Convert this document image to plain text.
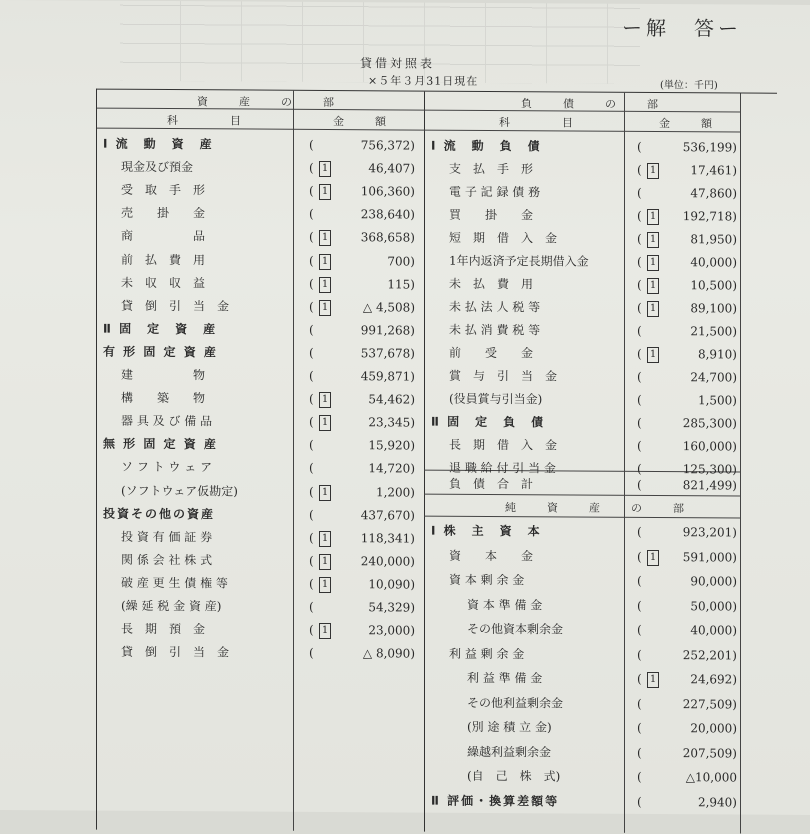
ー解　答ー
貸借対照表
×５年３月31日現在	(単位：千円)
資　産　の　部	負　債　の　部
科　　目	金　額	科　　目	金　額
純　資　産　の　部
Ⅰ 流　動　資　産	(	756,372)
現金及び預金	( 1	46,407)
受　取　手　形	( 1	106,360)
売　　掛　　金	(	238,640)
商　　　　　品	( 1	368,658)
前　払　費　用	( 1	700)
未　収　収　益	( 1	115)
貸　倒　引　当　金	( 1	△ 4,508)
Ⅱ 固　定　資　産	(	991,268)
有 形 固 定 資 産	(	537,678)
建　　　　　物	(	459,871)
構　　築　　物	( 1	54,462)
器 具 及 び 備 品	( 1	23,345)
無 形 固 定 資 産	(	15,920)
ソ フ ト ウ ェ ア	(	14,720)
(ソフトウェア仮勘定)	( 1	1,200)
投資その他の資産	(	437,670)
投 資 有 価 証 券	( 1	118,341)
関 係 会 社 株 式	( 1	240,000)
破 産 更 生 債 権 等	( 1	10,090)
(繰 延 税 金 資 産)	(	54,329)
長　期　預　金	( 1	23,000)
貸　倒　引　当　金	(	△ 8,090)
Ⅰ 流　動　負　債	(	536,199)
支　払　手　形	( 1	17,461)
電 子 記 録 債 務	(	47,860)
買　　掛　　金	( 1	192,718)
短　期　借　入　金	( 1	81,950)
1年内返済予定長期借入金	( 1	40,000)
未　払　費　用	( 1	10,500)
未 払 法 人 税 等	( 1	89,100)
未 払 消 費 税 等	(	21,500)
前　　受　　金	( 1	8,910)
賞　与　引　当　金	(	24,700)
(役員賞与引当金)	(	1,500)
Ⅱ 固　定　負　債	(	285,300)
長　期　借　入　金	(	160,000)
退 職 給 付 引 当 金	(	125,300)
負　債　合　計	(	821,499)
Ⅰ 株　主　資　本	(	923,201)
資　　本　　金	( 1	591,000)
資 本 剰 余 金	(	90,000)
資 本 準 備 金	(	50,000)
その他資本剰余金	(	40,000)
利 益 剰 余 金	(	252,201)
利 益 準 備 金	( 1	24,692)
その他利益剰余金	(	227,509)
(別 途 積 立 金)	(	20,000)
繰越利益剰余金	(	207,509)
(自　己　株　式)	(	△10,000
Ⅱ 評価・換算差額等	(	2,940)
